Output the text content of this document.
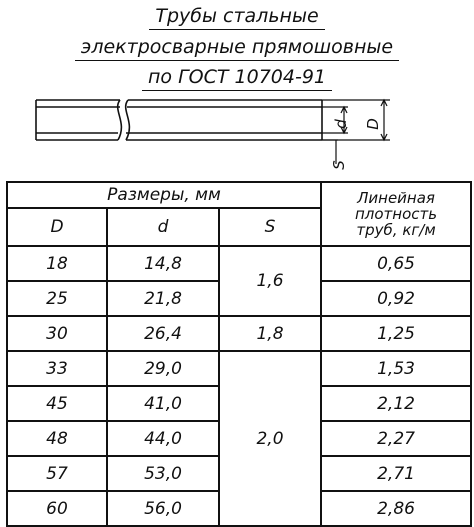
Трубы стальные
электросварные прямошовные
по ГОСТ 10704-91
d D
S
Размеры, мм			Линейная
плотность
труб, кг/м

D	d	S	
18	14,8	1,6	0,65
25	21,8		0,92
30	26,4	1,8	1,25
33	29,0	2,0	1,53
45	41,0		2,12
48	44,0		2,27
57	53,0		2,71
60	56,0		2,86
